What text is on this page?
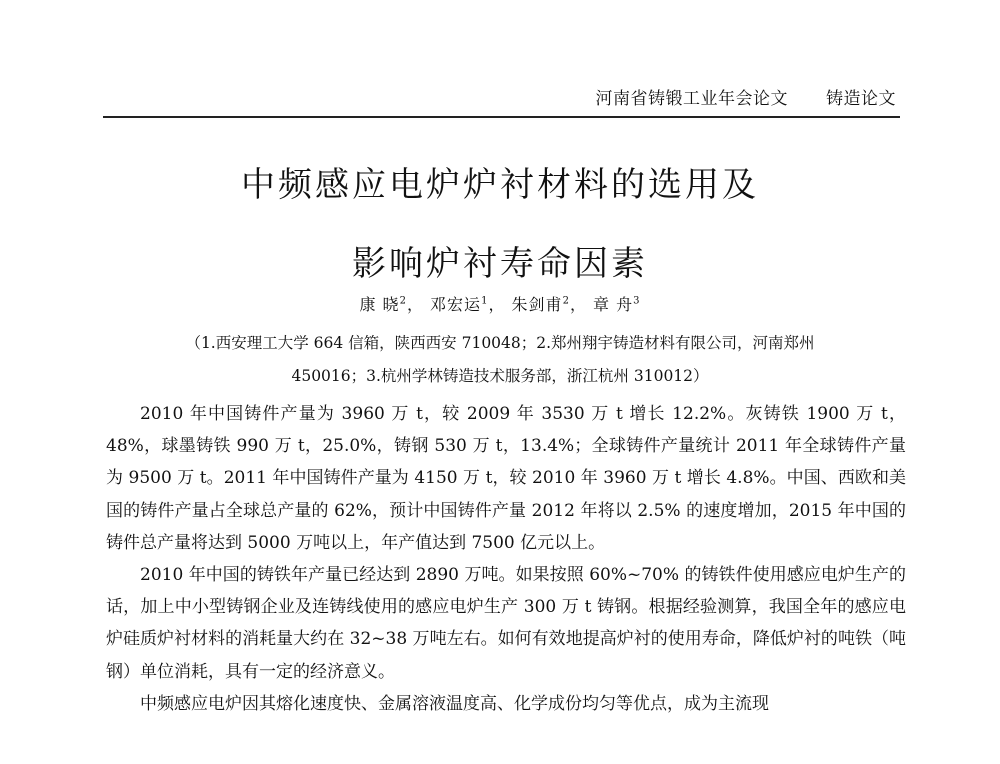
河南省铸锻工业年会论文 铸造论文
中频感应电炉炉衬材料的选用及
影响炉衬寿命因素
康 晓$^2$， 邓宏运$^1$， 朱剑甫$^2$， 章 舟$^3$
（1.西安理工大学 664 信箱，陕西西安 710048；2.郑州翔宇铸造材料有限公司，河南郑州
450016；3.杭州学林铸造技术服务部，浙江杭州 310012）

2010 年中国铸件产量为 3960 万 t，较 2009 年 3530 万 t 增长 12.2%。灰铸铁 1900 万 t，48%，球墨铸铁 990 万 t，25.0%，铸钢 530 万 t，13.4%；全球铸件产量统计 2011 年全球铸件产量为 9500 万 t。2011 年中国铸件产量为 4150 万 t，较 2010 年 3960 万 t 增长 4.8%。中国、西欧和美国的铸件产量占全球总产量的 62%，预计中国铸件产量 2012 年将以 2.5% 的速度增加，2015 年中国的铸件总产量将达到 5000 万吨以上，年产值达到 7500 亿元以上。

2010 年中国的铸铁年产量已经达到 2890 万吨。如果按照 60%~70% 的铸铁件使用感应电炉生产的话，加上中小型铸钢企业及连铸线使用的感应电炉生产 300 万 t 铸钢。根据经验测算，我国全年的感应电炉硅质炉衬材料的消耗量大约在 32~38 万吨左右。如何有效地提高炉衬的使用寿命，降低炉衬的吨铁（吨钢）单位消耗，具有一定的经济意义。

中频感应电炉因其熔化速度快、金属溶液温度高、化学成份均匀等优点，成为主流现
